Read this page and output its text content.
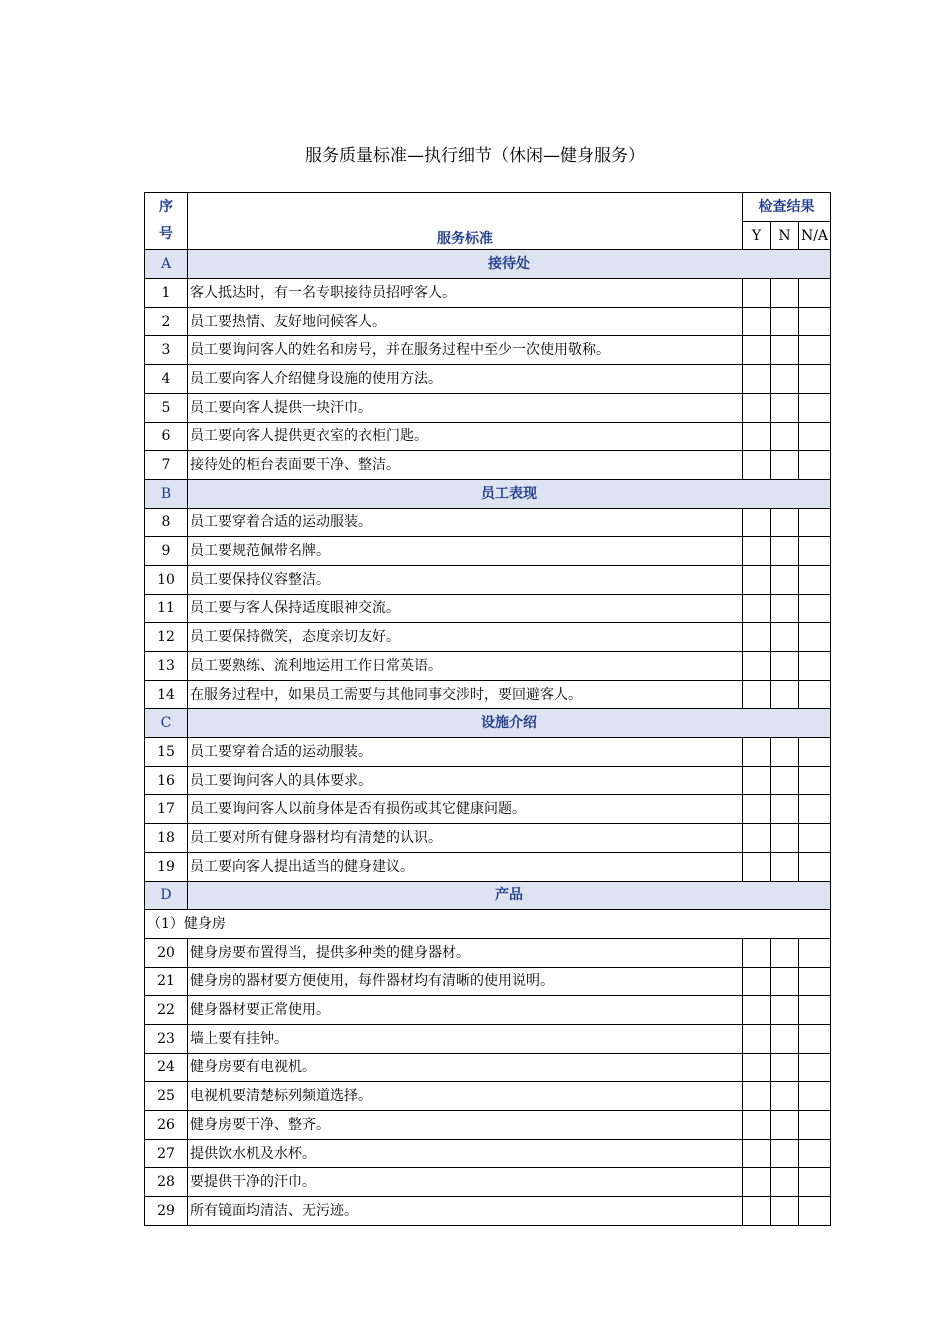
服务质量标准—执行细节（休闲—健身服务）
序
号	服务标准	检查结果		
		Y	N	N/A
A	接待处			
1	客人抵达时，有一名专职接待员招呼客人。			
2	员工要热情、友好地问候客人。			
3	员工要询问客人的姓名和房号，并在服务过程中至少一次使用敬称。			
4	员工要向客人介绍健身设施的使用方法。			
5	员工要向客人提供一块汗巾。			
6	员工要向客人提供更衣室的衣柜门匙。			
7	接待处的柜台表面要干净、整洁。			
B	员工表现			
8	员工要穿着合适的运动服装。			
9	员工要规范佩带名牌。			
10	员工要保持仪容整洁。			
11	员工要与客人保持适度眼神交流。			
12	员工要保持微笑，态度亲切友好。			
13	员工要熟练、流利地运用工作日常英语。			
14	在服务过程中，如果员工需要与其他同事交涉时，要回避客人。			
C	设施介绍			
15	员工要穿着合适的运动服装。			
16	员工要询问客人的具体要求。			
17	员工要询问客人以前身体是否有损伤或其它健康问题。			
18	员工要对所有健身器材均有清楚的认识。			
19	员工要向客人提出适当的健身建议。			
D	产品			
（1）健身房				
20	健身房要布置得当，提供多种类的健身器材。			
21	健身房的器材要方便使用，每件器材均有清晰的使用说明。			
22	健身器材要正常使用。			
23	墙上要有挂钟。			
24	健身房要有电视机。			
25	电视机要清楚标列频道选择。			
26	健身房要干净、整齐。			
27	提供饮水机及水杯。			
28	要提供干净的汗巾。			
29	所有镜面均清洁、无污迹。			
